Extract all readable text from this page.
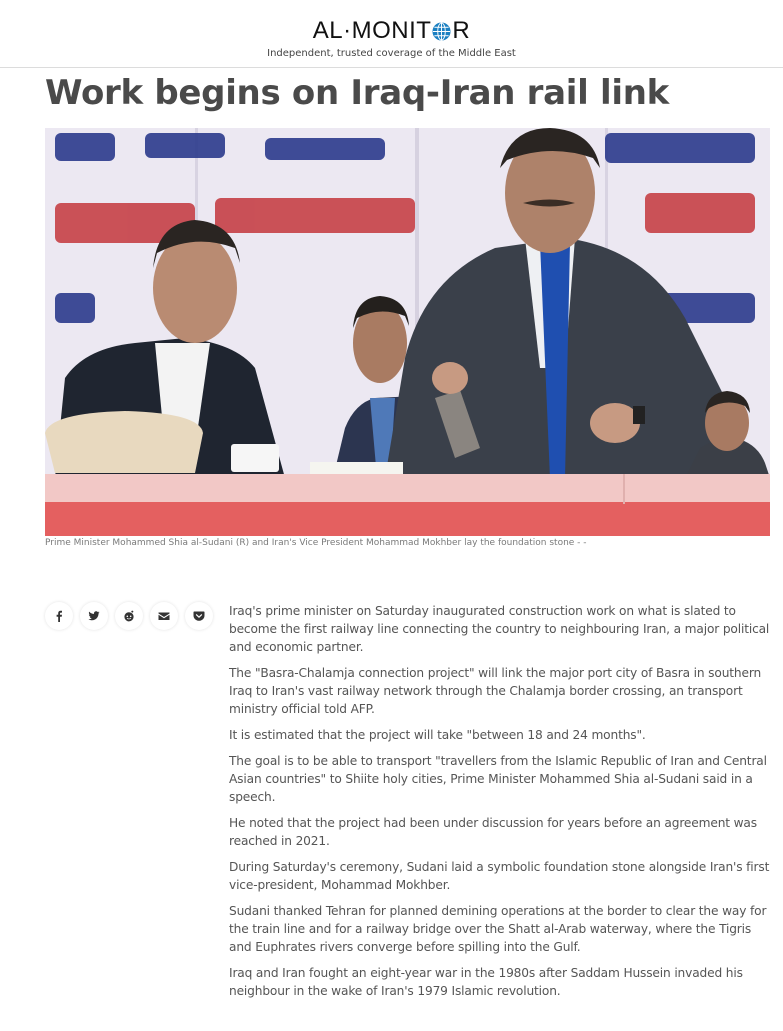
AL·MONIT R
Independent, trusted coverage of the Middle East
Work begins on Iraq-Iran rail link
Prime Minister Mohammed Shia al-Sudani (R) and Iran's Vice President Mohammad Mokhber lay the foundation stone - -

Iraq's prime minister on Saturday inaugurated construction work on what is slated to become the first railway line connecting the country to neighbouring Iran, a major political and economic partner.

The "Basra-Chalamja connection project" will link the major port city of Basra in southern Iraq to Iran's vast railway network through the Chalamja border crossing, an transport ministry official told AFP.

It is estimated that the project will take "between 18 and 24 months".

The goal is to be able to transport "travellers from the Islamic Republic of Iran and Central Asian countries" to Shiite holy cities, Prime Minister Mohammed Shia al-Sudani said in a speech.

He noted that the project had been under discussion for years before an agreement was reached in 2021.

During Saturday's ceremony, Sudani laid a symbolic foundation stone alongside Iran's first vice-president, Mohammad Mokhber.

Sudani thanked Tehran for planned demining operations at the border to clear the way for the train line and for a railway bridge over the Shatt al-Arab waterway, where the Tigris and Euphrates rivers converge before spilling into the Gulf.

Iraq and Iran fought an eight-year war in the 1980s after Saddam Hussein invaded his neighbour in the wake of Iran's 1979 Islamic revolution.
